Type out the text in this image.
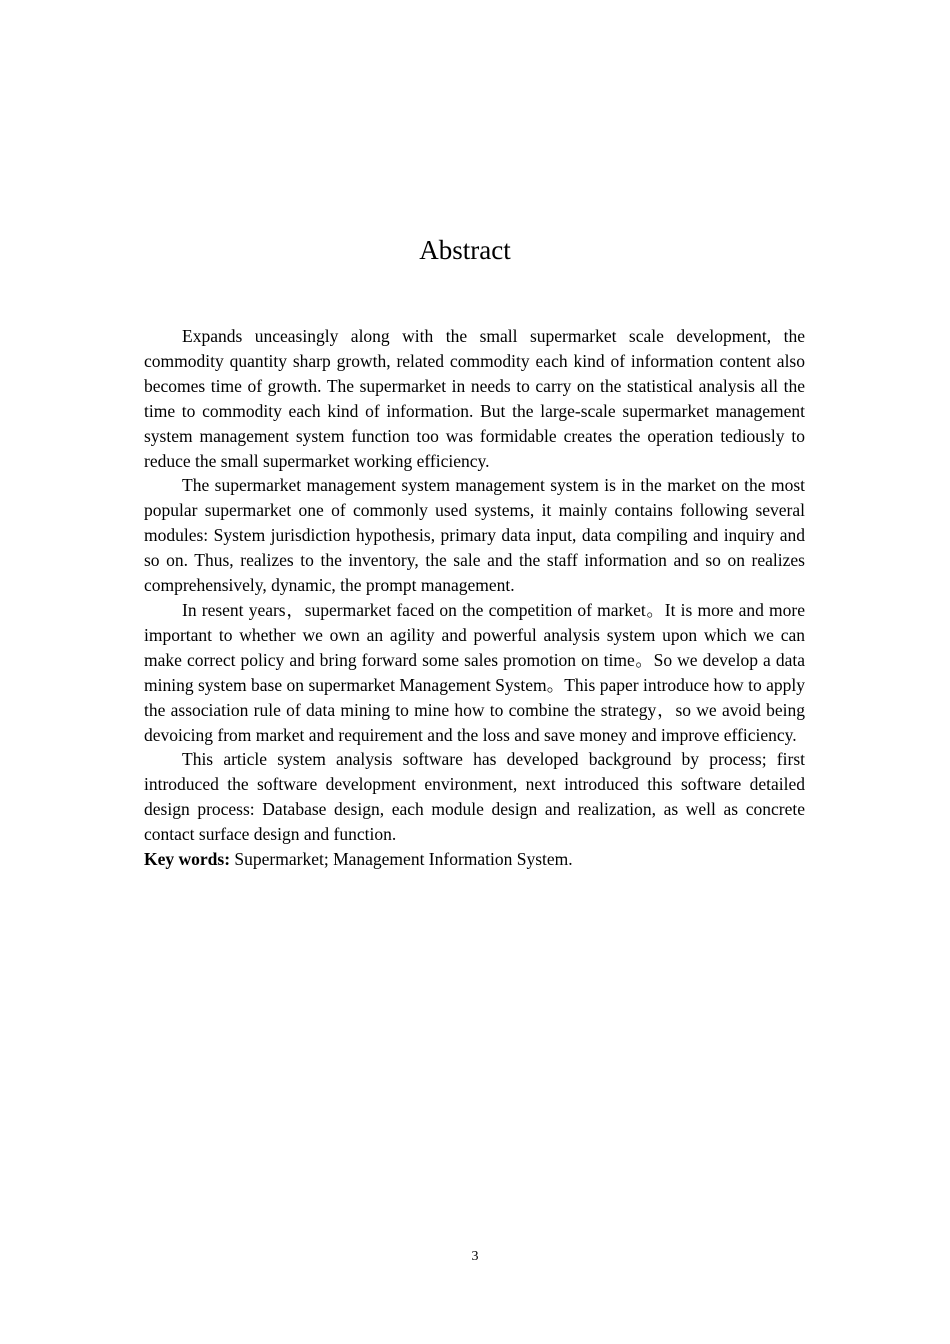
Abstract

Expands unceasingly along with the small supermarket scale development, the commodity quantity sharp growth, related commodity each kind of information content also becomes time of growth. The supermarket in needs to carry on the statistical analysis all the time to commodity each kind of information. But the large-scale supermarket management system management system function too was formidable creates the operation tediously to reduce the small supermarket working efficiency.

The supermarket management system management system is in the market on the most popular supermarket one of commonly used systems, it mainly contains following several modules: System jurisdiction hypothesis, primary data input, data compiling and inquiry and so on. Thus, realizes to the inventory, the sale and the staff information and so on realizes comprehensively, dynamic, the prompt management.

In resent years，supermarket faced on the competition of market。It is more and more important to whether we own an agility and powerful analysis system upon which we can make correct policy and bring forward some sales promotion on time。So we develop a data mining system base on supermarket Management System。This paper introduce how to apply the association rule of data mining to mine how to combine the strategy，so we avoid being devoicing from market and requirement and the loss and save money and improve efficiency.

This article system analysis software has developed background by process; first introduced the software development environment, next introduced this software detailed design process: Database design, each module design and realization, as well as concrete contact surface design and function.

Key words: Supermarket; Management Information System.

3
